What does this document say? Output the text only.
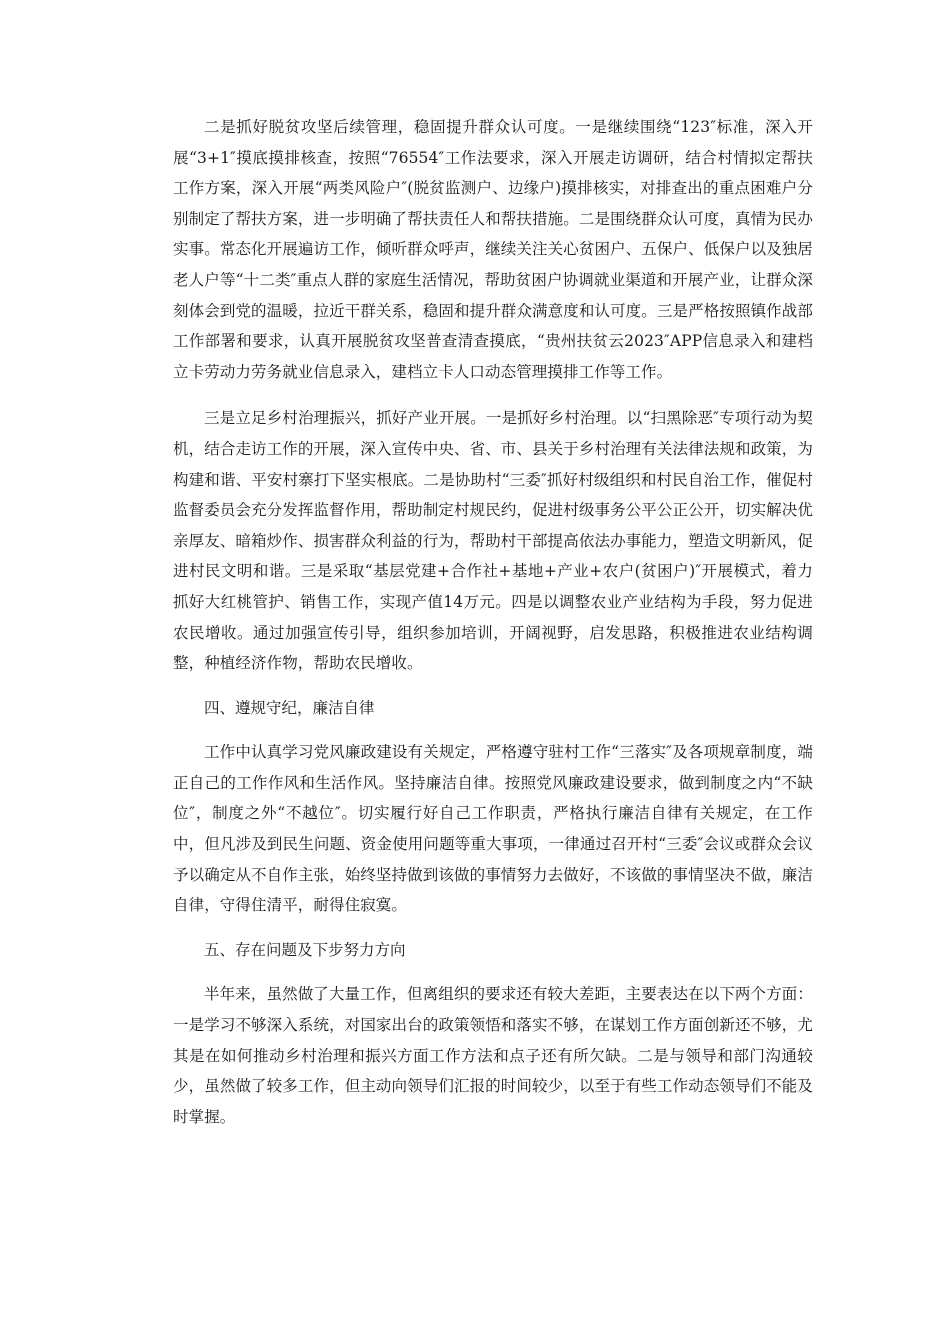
二是抓好脱贫攻坚后续管理，稳固提升群众认可度。一是继续围绕“123″标准，深入开展“3+1″摸底摸排核查，按照“76554″工作法要求，深入开展走访调研，结合村情拟定帮扶工作方案，深入开展“两类风险户″(脱贫监测户、边缘户)摸排核实，对排查出的重点困难户分别制定了帮扶方案，进一步明确了帮扶责任人和帮扶措施。二是围绕群众认可度，真情为民办实事。常态化开展遍访工作，倾听群众呼声，继续关注关心贫困户、五保户、低保户以及独居老人户等“十二类″重点人群的家庭生活情况，帮助贫困户协调就业渠道和开展产业，让群众深刻体会到党的温暖，拉近干群关系，稳固和提升群众满意度和认可度。三是严格按照镇作战部工作部署和要求，认真开展脱贫攻坚普查清查摸底，“贵州扶贫云2023″APP信息录入和建档立卡劳动力劳务就业信息录入，建档立卡人口动态管理摸排工作等工作。

三是立足乡村治理振兴，抓好产业开展。一是抓好乡村治理。以“扫黑除恶″专项行动为契机，结合走访工作的开展，深入宣传中央、省、市、县关于乡村治理有关法律法规和政策，为构建和谐、平安村寨打下坚实根底。二是协助村“三委″抓好村级组织和村民自治工作，催促村监督委员会充分发挥监督作用，帮助制定村规民约，促进村级事务公平公正公开，切实解决优亲厚友、暗箱炒作、损害群众利益的行为，帮助村干部提高依法办事能力，塑造文明新风，促进村民文明和谐。三是采取“基层党建+合作社+基地+产业+农户(贫困户)″开展模式，着力抓好大红桃管护、销售工作，实现产值14万元。四是以调整农业产业结构为手段，努力促进农民增收。通过加强宣传引导，组织参加培训，开阔视野，启发思路，积极推进农业结构调整，种植经济作物，帮助农民增收。

四、遵规守纪，廉洁自律

工作中认真学习党风廉政建设有关规定，严格遵守驻村工作“三落实″及各项规章制度，端正自己的工作作风和生活作风。坚持廉洁自律。按照党风廉政建设要求，做到制度之内“不缺位″，制度之外“不越位″。切实履行好自己工作职责，严格执行廉洁自律有关规定，在工作中，但凡涉及到民生问题、资金使用问题等重大事项，一律通过召开村“三委″会议或群众会议予以确定从不自作主张，始终坚持做到该做的事情努力去做好，不该做的事情坚决不做，廉洁自律，守得住清平，耐得住寂寞。

五、存在问题及下步努力方向

半年来，虽然做了大量工作，但离组织的要求还有较大差距，主要表达在以下两个方面：一是学习不够深入系统，对国家出台的政策领悟和落实不够，在谋划工作方面创新还不够，尤其是在如何推动乡村治理和振兴方面工作方法和点子还有所欠缺。二是与领导和部门沟通较少，虽然做了较多工作，但主动向领导们汇报的时间较少，以至于有些工作动态领导们不能及时掌握。
